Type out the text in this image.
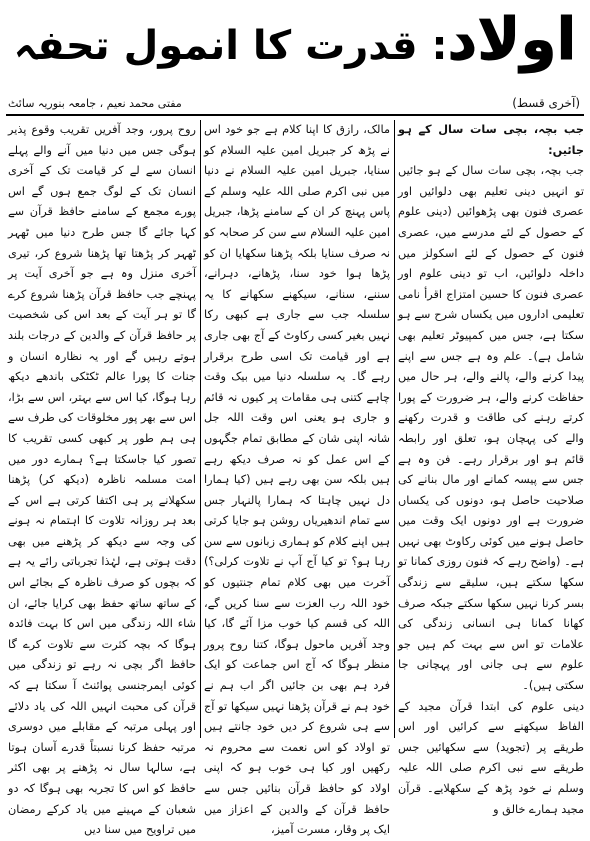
اولاد: قدرت کا انمول تحفہ
(آخری قسط)
مفتی محمد نعیم ، جامعہ بنوریہ سائٹ

جب بچہ، بچی سات سال کے ہو جائیں:

جب بچہ، بچی سات سال کے ہو جائیں تو انہیں دینی تعلیم بھی دلوائیں اور عصری فنون بھی پڑھوائیں (دینی علوم کے حصول کے لئے مدرسے میں، عصری فنون کے حصول کے لئے اسکولز میں داخلہ دلوائیں، اب تو دینی علوم اور عصری فنون کا حسین امتزاج اقرأ نامی تعلیمی اداروں میں یکساں شرح سے ہو سکتا ہے، جس میں کمپیوٹر تعلیم بھی شامل ہے)۔ علم وہ ہے جس سے اپنے پیدا کرنے والے، پالنے والے، ہر حال میں حفاظت کرنے والے، ہر ضرورت کے پورا کرتے رہنے کی طاقت و قدرت رکھنے والے کی پہچان ہو، تعلق اور رابطہ قائم ہو اور برقرار رہے۔ فن وہ ہے جس سے پیسہ کمانے اور مال بنانے کی صلاحیت حاصل ہو، دونوں کی یکساں ضرورت ہے اور دونوں ایک وقت میں حاصل ہونے میں کوئی رکاوٹ بھی نہیں ہے۔ (واضح رہے کہ فنون روزی کمانا تو سکھا سکتے ہیں، سلیقے سے زندگی بسر کرنا نہیں سکھا سکتے جبکہ صرف کھانا کمانا ہی انسانی زندگی کی علامات تو اس سے بہت کم ہیں جو علوم سے ہی جانی اور پہچانی جا سکتی ہیں)۔

دینی علوم کی ابتدا قرآن مجید کے الفاظ سیکھنے سے کرائیں اور اس طریقے پر (تجوید) سے سکھائیں جس طریقے سے نبی اکرم صلی اللہ علیہ وسلم نے خود پڑھ کے سکھلایے۔ قرآن مجید ہمارے خالق و

مالک، رازق کا اپنا کلام ہے جو خود اس نے پڑھ کر جبریل امین علیہ السلام کو سنایا، جبریل امین علیہ السلام نے دنیا میں نبی اکرم صلی اللہ علیہ وسلم کے پاس پہنچ کر ان کے سامنے پڑھا، جبریل امین علیہ السلام سے سن کر صحابہ کو نہ صرف سنایا بلکہ پڑھنا سکھایا ان کو پڑھا ہوا خود سنا، پڑھانے، دہرانے، سننے، سنانے، سیکھنے سکھانے کا یہ سلسلہ جب سے جاری ہے کبھی رکا نہیں بغیر کسی رکاوٹ کے آج بھی جاری ہے اور قیامت تک اسی طرح برقرار رہے گا۔ یہ سلسلہ دنیا میں بیک وقت چاہے کتنی ہی مقامات پر کیوں نہ قائم و جاری ہو یعنی اس وقت اللہ جل شانہ اپنی شان کے مطابق تمام جگہوں کے اس عمل کو نہ صرف دیکھ رہے ہیں بلکہ سن بھی رہے ہیں (کیا ہمارا دل نہیں چاہتا کہ ہمارا پالنہار جس سے تمام اندھیریاں روشن ہو جایا کرتی ہیں اپنے کلام کو ہماری زبانوں سے سن رہا ہو؟ تو کیا آج آپ نے تلاوت کرلی؟) آخرت میں بھی کلام تمام جنتیوں کو خود اللہ رب العزت سے سنا کریں گے، اللہ کی قسم کیا خوب مزا آئے گا، کیا وجد آفریں ماحول ہوگا، کتنا روح پرور منظر ہوگا کہ آج اس جماعت کو ایک فرد ہم بھی بن جائیں اگر اب ہم نے خود ہم نے قرآن پڑھنا نہیں سیکھا تو آج سے ہی شروع کر دیں خود جانتے ہیں تو اولاد کو اس نعمت سے محروم نہ رکھیں اور کیا ہی خوب ہو کہ اپنی اولاد کو حافظ قرآن بنائیں جس سے حافظ قرآن کے والدین کے اعزاز میں ایک پر وقار، مسرت آمیز،

روح پرور، وجد آفریں تقریب وقوع پذیر ہوگی جس میں دنیا میں آنے والے پہلے انسان سے لے کر قیامت تک کے آخری انسان تک کے لوگ جمع ہوں گے اس پورے مجمع کے سامنے حافظ قرآن سے کہا جائے گا جس طرح دنیا میں ٹھہر ٹھہر کر پڑھتا تھا پڑھنا شروع کر، تیری آخری منزل وہ ہے جو آخری آیت پر پہنچے جب حافظ قرآن پڑھنا شروع کرے گا تو ہر آیت کے بعد اس کی شخصیت پر حافظ قرآن کے والدین کے درجات بلند ہوتے رہیں گے اور یہ نظارہ انسان و جنات کا پورا عالم ٹکٹکی باندھے دیکھ رہا ہوگا، کیا اس سے بہتر، اس سے بڑا، اس سے بھر پور مخلوقات کی طرف سے ہی ہم طور پر کبھی کسی تقریب کا تصور کیا جاسکتا ہے؟ ہمارے دور میں امت مسلمہ ناظرہ (دیکھ کر) پڑھنا سکھلانے پر ہی اکتفا کرتی ہے اس کے بعد ہر روزانہ تلاوت کا اہتمام نہ ہونے کی وجہ سے دیکھ کر پڑھنے میں بھی دقت ہوتی ہے، لہٰذا تجرباتی رائے یہ ہے کہ بچوں کو صرف ناظرہ کے بجائے اس کے ساتھ ساتھ حفظ بھی کرایا جائے، ان شاء اللہ زندگی میں اس کا بہت فائدہ ہوگا کہ بچہ کثرت سے تلاوت کرے گا حافظ اگر بچی نہ رہے تو زندگی میں کوئی ایمرجنسی پوائنٹ آ سکتا ہے کہ قرآن کی محبت انہیں اللہ کی یاد دلائے اور پہلی مرتبہ کے مقابلے میں دوسری مرتبہ حفظ کرنا نسبتاً قدرے آسان ہوتا ہے، سالہا سال نہ پڑھنے پر بھی اکثر حافظ کو اس کا تجربہ بھی ہوگا کہ دو شعبان کے مہینے میں یاد کرکے رمضان میں تراویح میں سنا دیں
